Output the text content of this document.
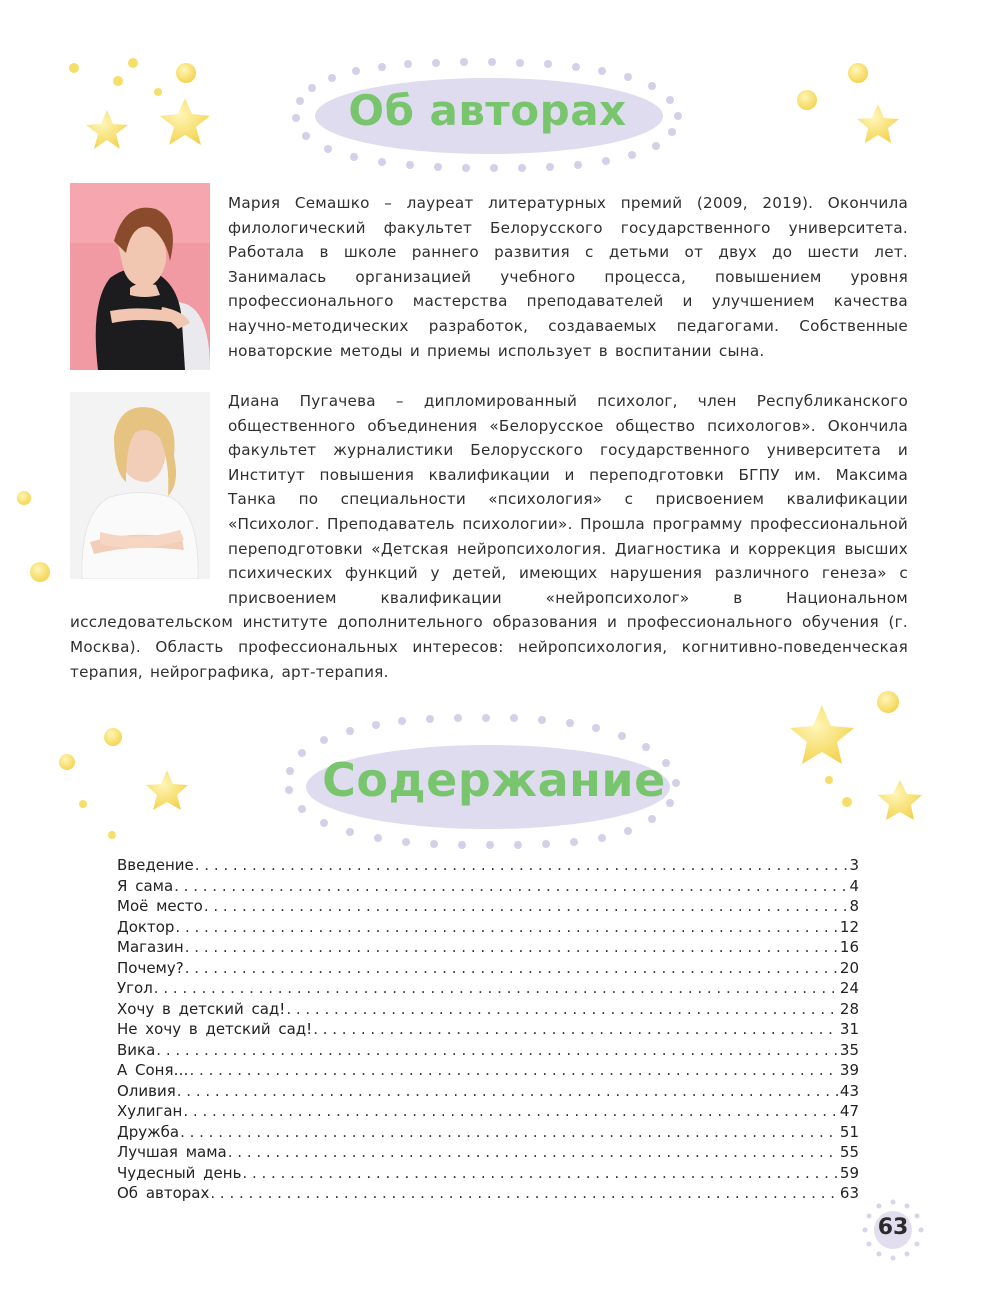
Об авторах

Мария Семашко – лауреат литературных премий (2009, 2019). Окончила филологический факультет Белорусского государственного университета. Работала в школе раннего развития с детьми от двух до шести лет. Занималась организацией учебного процесса, повышением уровня профессионального мастерства преподавателей и улучшением качества научно-методических разработок, создаваемых педагогами. Собственные новаторские методы и приемы использует в воспитании сына.

Диана Пугачева – дипломированный психолог, член Республиканского общественного объединения «Белорусское общество психологов». Окончила факультет журналистики Белорусского государственного университета и Институт повышения квалификации и переподготовки БГПУ им. Максима Танка по специальности «психология» с присвоением квалификации «Психолог. Преподаватель психологии». Прошла программу профессиональной переподготовки «Детская нейропсихология. Диагностика и коррекция высших психических функций у детей, имеющих нарушения различного генеза» с присвоением квалификации «нейропсихолог» в Национальном исследовательском институте дополнительного образования и профессионального обучения (г. Москва). Область профессиональных интересов: нейропсихология, когнитивно-поведенческая терапия, нейрографика, арт-терапия.

Содержание
Введение . . .	3
Я сама . . .	4
Моё место . . .	8
Доктор . . .	12
Магазин . . .	16
Почему? . . .	20
Угол . . .	24
Хочу в детский сад! . . .	28
Не хочу в детский сад! . . .	31
Вика . . .	35
А Соня… . . .	39
Оливия . . .	43
Хулиган . . .	47
Дружба . . .	51
Лучшая мама . . .	55
Чудесный день . . .	59
Об авторах . . .	63
63
